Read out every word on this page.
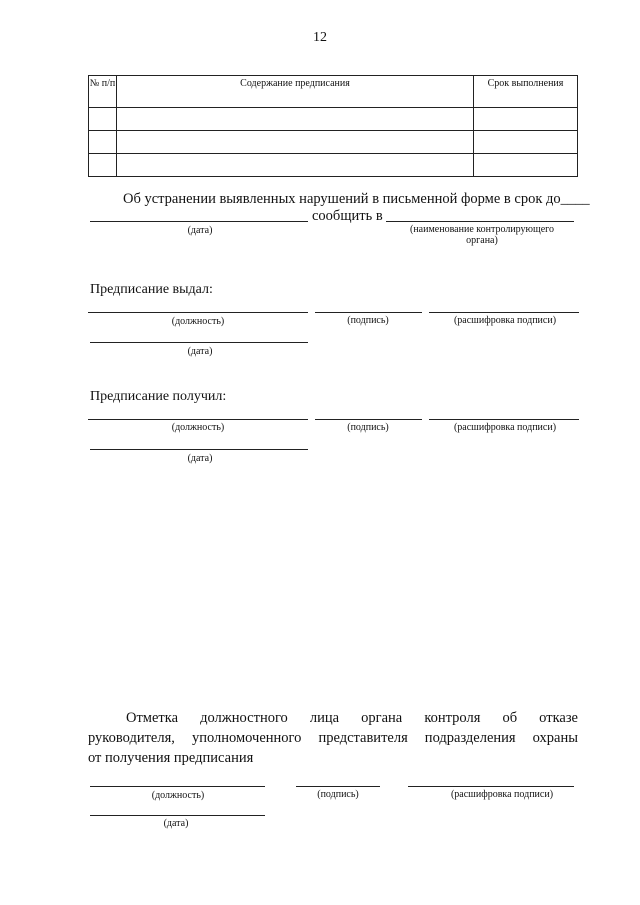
12
№ п/п	Содержание предписания	Срок выполнения

Об устранении выявленных нарушений в письменной форме в срок до____
сообщить в
(дата)	(наименование контролирующего органа)
Предписание выдал:
(должность)	(подпись)	(расшифровка подписи)
(дата)
Предписание получил:
(должность)	(подпись)	(расшифровка подписи)
(дата)
Отметка должностного лица органа контроля об отказе
руководителя, уполномоченного представителя подразделения охраны
от получения предписания
(должность)	(подпись)	(расшифровка подписи)
(дата)
